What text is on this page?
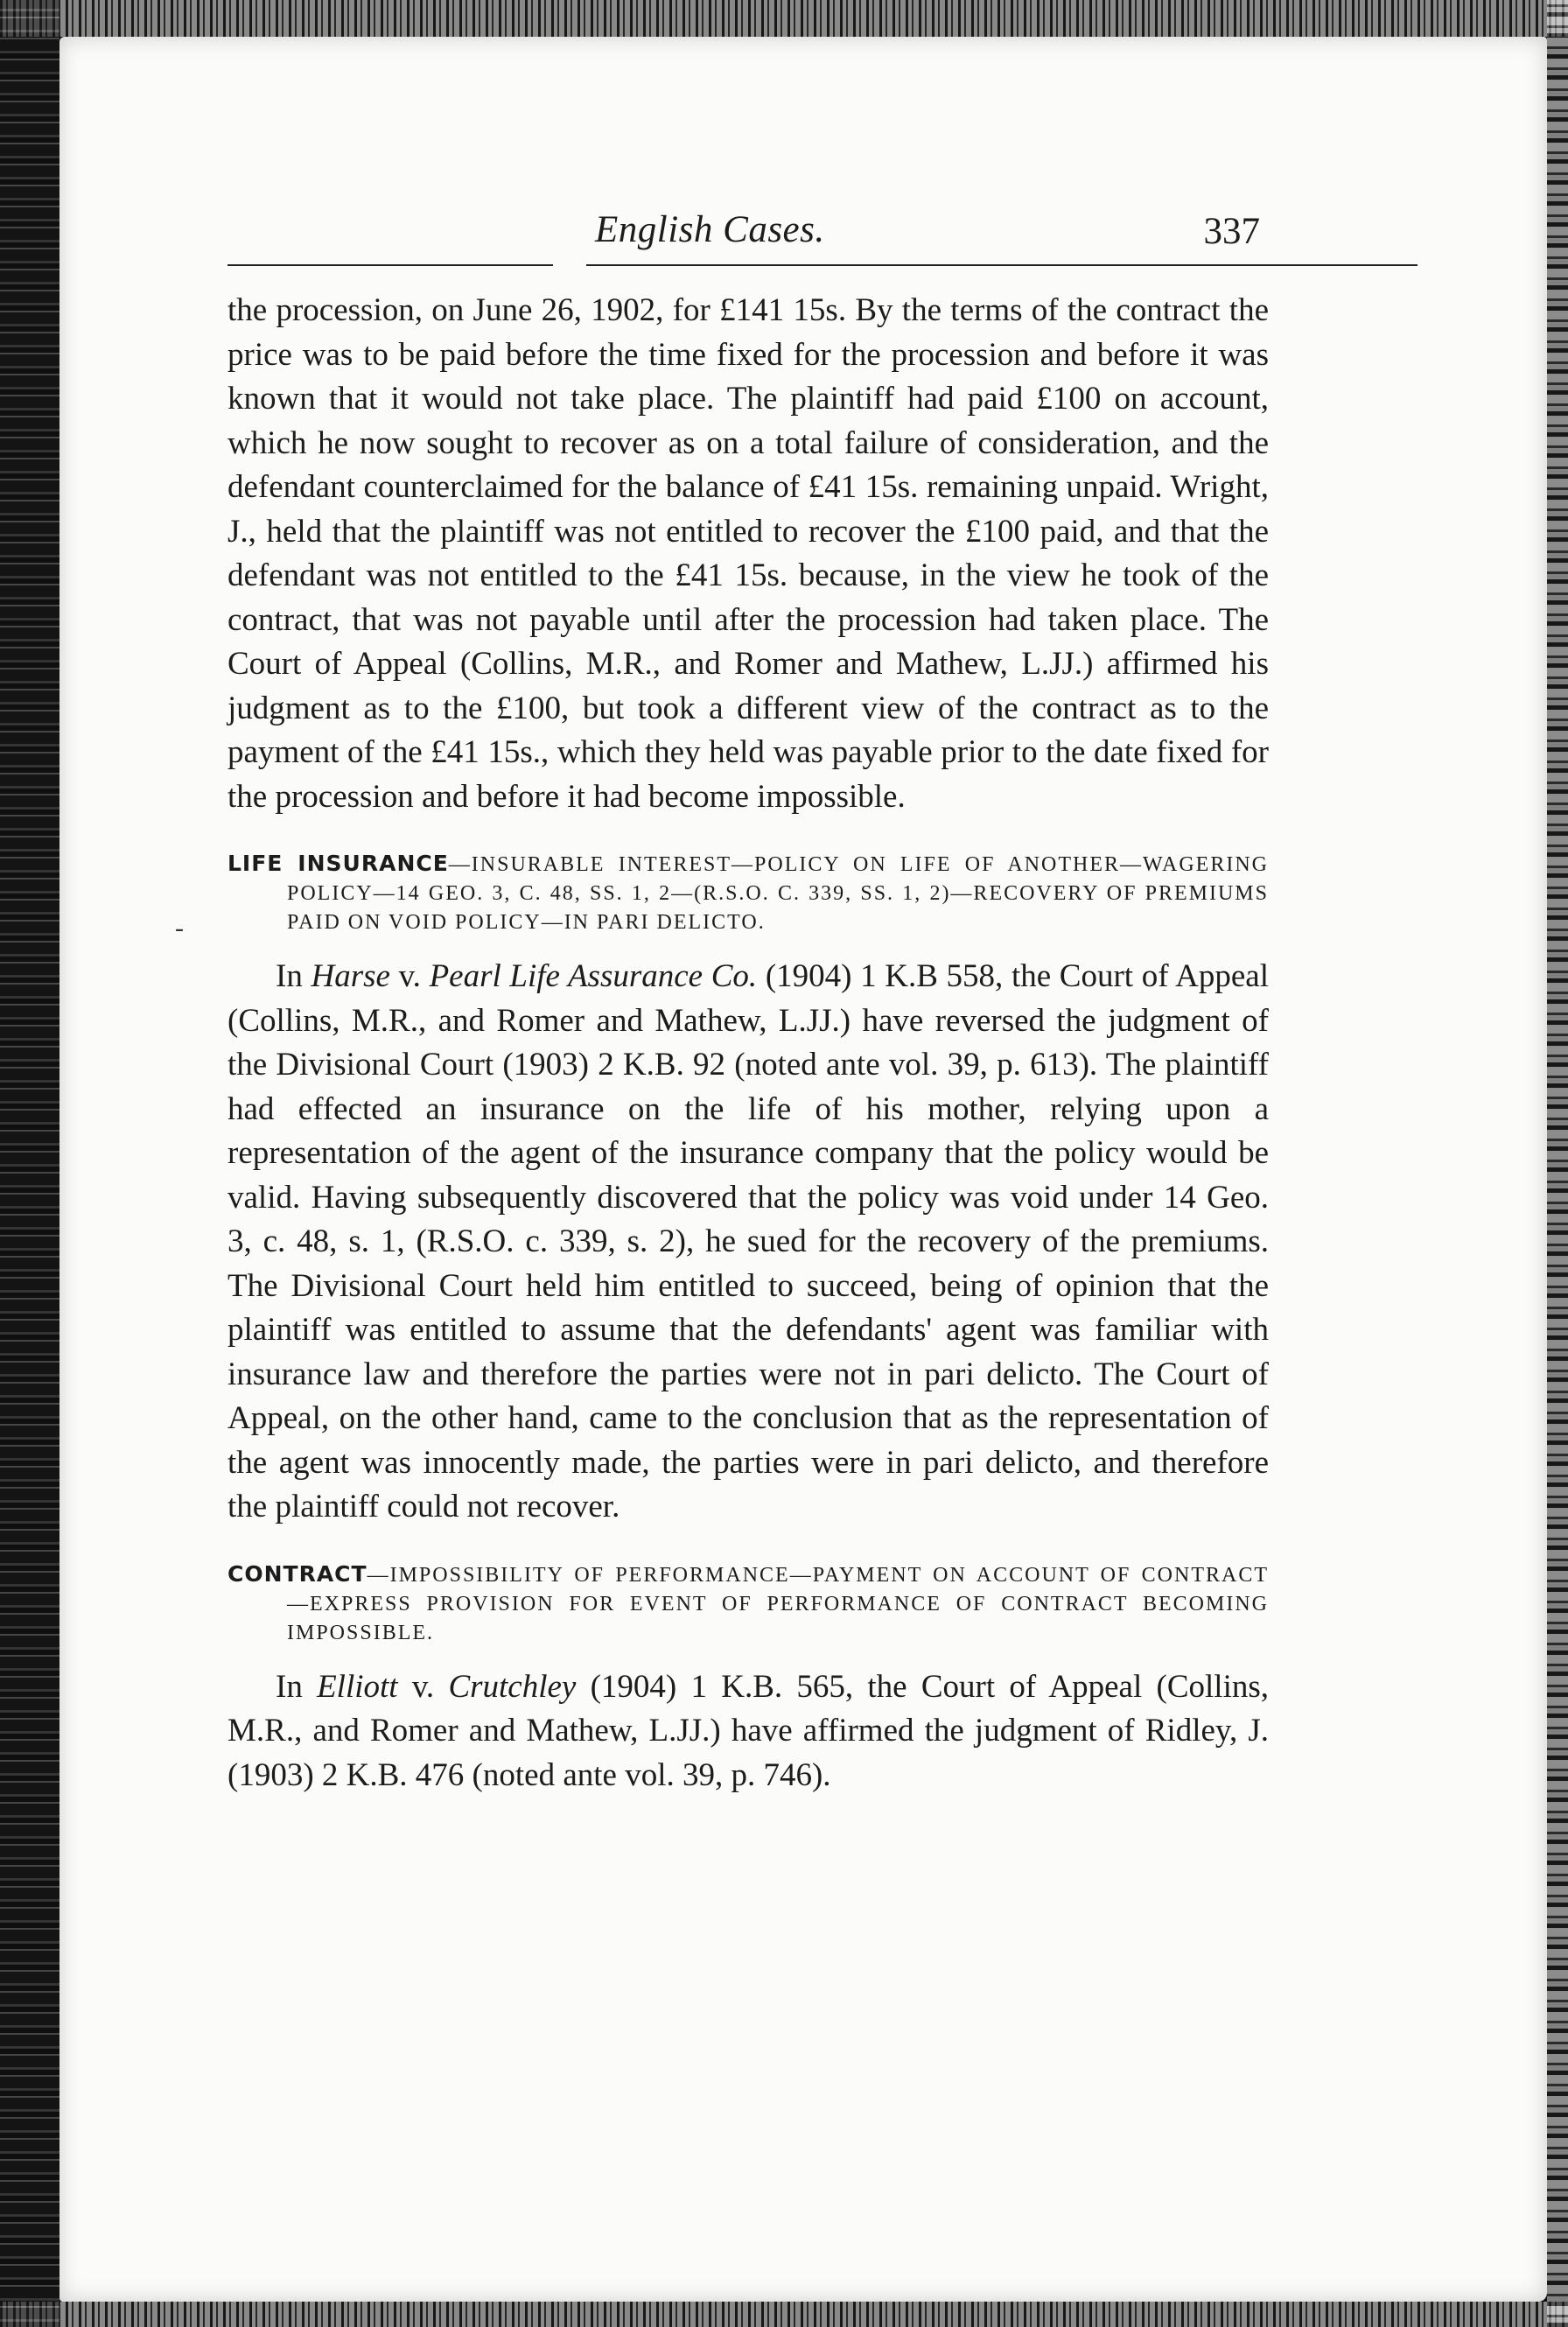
-
English Cases.	337

the procession, on June 26, 1902, for £141 15s. By the terms of the contract the price was to be paid before the time fixed for the procession and before it was known that it would not take place. The plaintiff had paid £100 on account, which he now sought to recover as on a total failure of consideration, and the defendant counterclaimed for the balance of £41 15s. remaining unpaid. Wright, J., held that the plaintiff was not entitled to recover the £100 paid, and that the defendant was not entitled to the £41 15s. because, in the view he took of the contract, that was not payable until after the procession had taken place. The Court of Appeal (Collins, M.R., and Romer and Mathew, L.JJ.) affirmed his judgment as to the £100, but took a different view of the contract as to the payment of the £41 15s., which they held was payable prior to the date fixed for the procession and before it had become impossible.

LIFE INSURANCE—INSURABLE INTEREST—POLICY ON LIFE OF ANOTHER—WAGERING POLICY—14 GEO. 3, C. 48, SS. 1, 2—(R.S.O. C. 339, SS. 1, 2)—RECOVERY OF PREMIUMS PAID ON VOID POLICY—IN PARI DELICTO.

In Harse v. Pearl Life Assurance Co. (1904) 1 K.B 558, the Court of Appeal (Collins, M.R., and Romer and Mathew, L.JJ.) have reversed the judgment of the Divisional Court (1903) 2 K.B. 92 (noted ante vol. 39, p. 613). The plaintiff had effected an insurance on the life of his mother, relying upon a representation of the agent of the insurance company that the policy would be valid. Having subsequently discovered that the policy was void under 14 Geo. 3, c. 48, s. 1, (R.S.O. c. 339, s. 2), he sued for the recovery of the premiums. The Divisional Court held him entitled to succeed, being of opinion that the plaintiff was entitled to assume that the defendants' agent was familiar with insurance law and therefore the parties were not in pari delicto. The Court of Appeal, on the other hand, came to the conclusion that as the representation of the agent was innocently made, the parties were in pari delicto, and therefore the plaintiff could not recover.

CONTRACT—IMPOSSIBILITY OF PERFORMANCE—PAYMENT ON ACCOUNT OF CONTRACT—EXPRESS PROVISION FOR EVENT OF PERFORMANCE OF CONTRACT BECOMING IMPOSSIBLE.

In Elliott v. Crutchley (1904) 1 K.B. 565, the Court of Appeal (Collins, M.R., and Romer and Mathew, L.JJ.) have affirmed the judgment of Ridley, J. (1903) 2 K.B. 476 (noted ante vol. 39, p. 746).
